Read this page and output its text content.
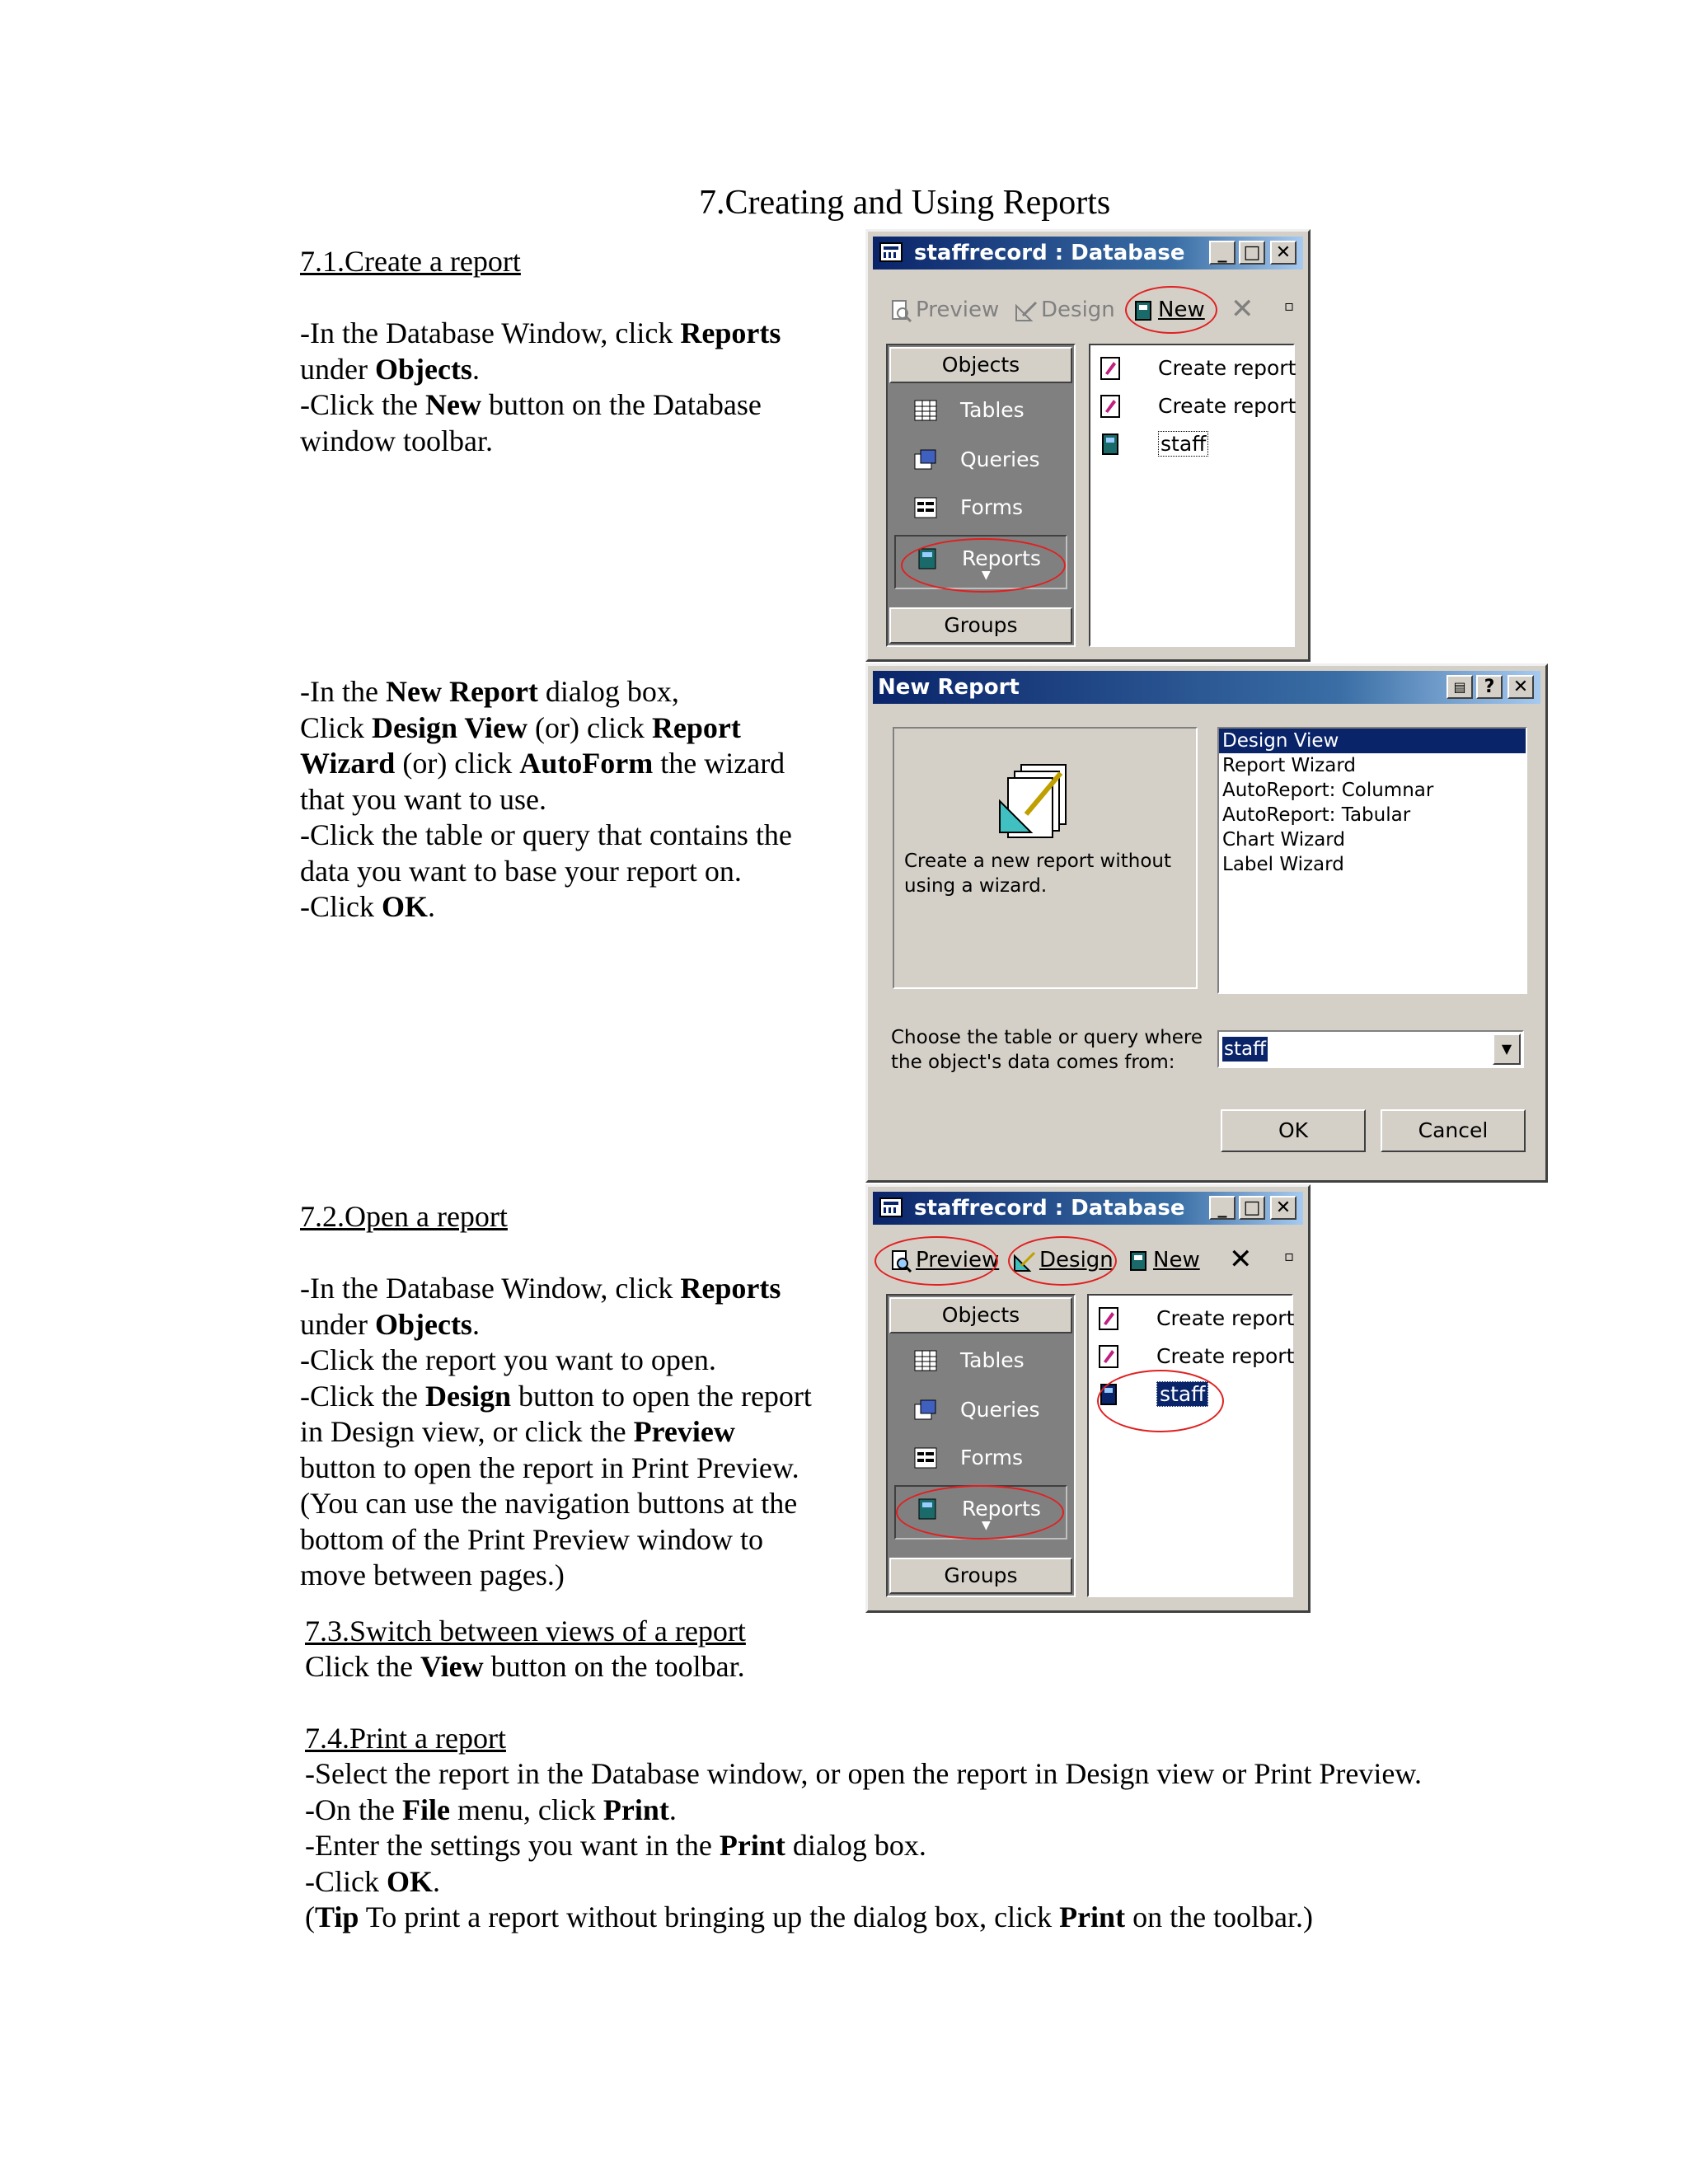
7.Creating and Using Reports
7.1.Create a report

-In the Database Window, click Reports

under Objects.

-Click the New button on the Database

window toolbar.

-In the New Report dialog box,

Click Design View (or) click Report

Wizard (or) click AutoForm the wizard

that you want to use.

-Click the table or query that contains the

data you want to base your report on.

-Click OK.

7.2.Open a report

-In the Database Window, click Reports

under Objects.

-Click the report you want to open.

-Click the Design button to open the report

in Design view, or click the Preview

button to open the report in Print Preview.

(You can use the navigation buttons at the

bottom of the Print Preview window to

move between pages.)

7.3.Switch between views of a report

Click the View button on the toolbar.

7.4.Print a report

-Select the report in the Database window, or open the report in Design view or Print Preview.

-On the File menu, click Print.

-Enter the settings you want in the Print dialog box.

-Click OK.

(Tip To print a report without bringing up the dialog box, click Print on the toolbar.)

staffrecord : Database	_ □ ✕
Preview	Design	New ✕ ▫
Objects
Tables
Queries
Forms
Reports
▼
Groups
Create report
Create report
staff
New Report	▤	?	✕
Create a new report without using a wizard.
Design View
Report Wizard
AutoReport: Columnar
AutoReport: Tabular
Chart Wizard
Label Wizard
Choose the table or query where
the object's data comes from:
staff	▼
OK	Cancel
staffrecord : Database	_ □ ✕
Preview	Design	New ✕ ▫
Objects
Tables
Queries
Forms
Reports
▼
Groups
Create report
Create report
staff
